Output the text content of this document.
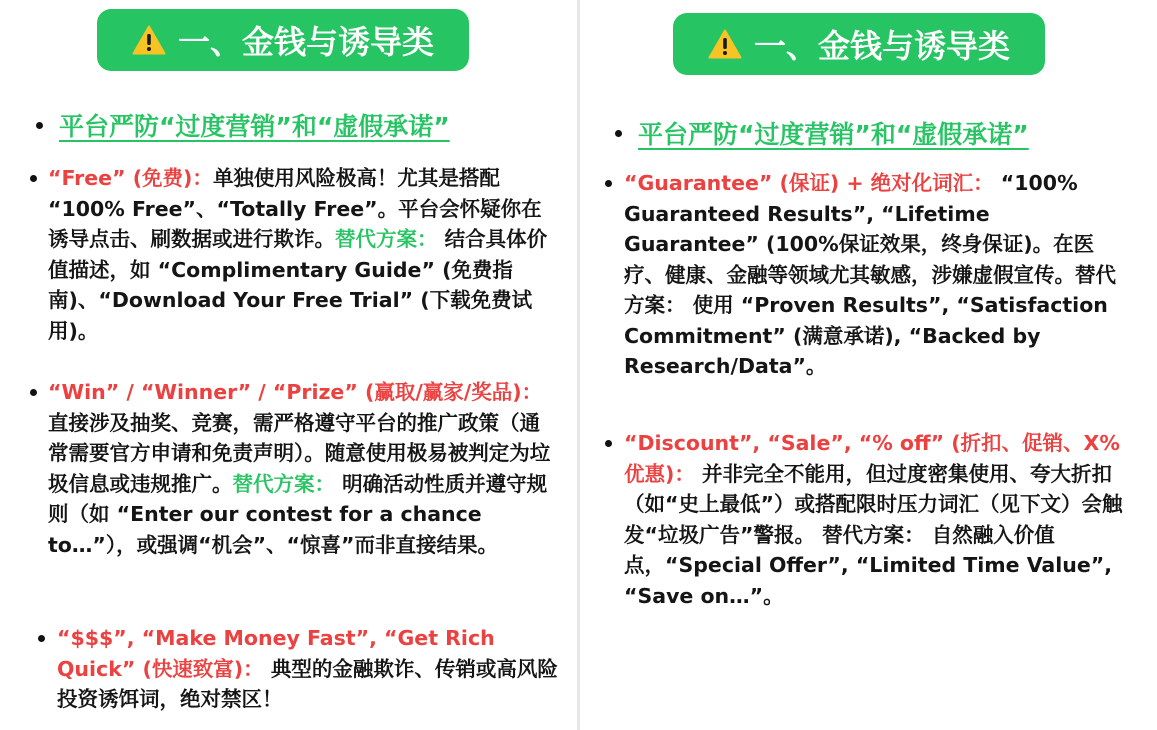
一、金钱与诱导类
平台严防“过度营销”和“虚假承诺”
“Free” (免费)：单独使用风险极高！尤其是搭配 “100% Free”、“Totally Free”。平台会怀疑你在诱导点击、刷数据或进行欺诈。替代方案： 结合具体价值描述，如 “Complimentary Guide” (免费指南)、“Download Your Free Trial” (下载免费试用)。
“Win” / “Winner” / “Prize” (赢取/赢家/奖品)： 直接涉及抽奖、竞赛，需严格遵守平台的推广政策（通常需要官方申请和免责声明）。随意使用极易被判定为垃圾信息或违规推广。替代方案： 明确活动性质并遵守规则（如 “Enter our contest for a chance to…”），或强调“机会”、“惊喜”而非直接结果。
“$$$”, “Make Money Fast”, “Get Rich Quick” (快速致富)： 典型的金融欺诈、传销或高风险投资诱饵词，绝对禁区！
一、金钱与诱导类
平台严防“过度营销”和“虚假承诺”
“Guarantee” (保证) + 绝对化词汇： “100% Guaranteed Results”, “Lifetime Guarantee” (100%保证效果，终身保证)。在医疗、健康、金融等领域尤其敏感，涉嫌虚假宣传。替代方案： 使用 “Proven Results”, “Satisfaction Commitment” (满意承诺), “Backed by Research/Data”。
“Discount”, “Sale”, “% off” (折扣、促销、X% 优惠)： 并非完全不能用，但过度密集使用、夸大折扣（如“史上最低”）或搭配限时压力词汇（见下文）会触发“垃圾广告”警报。 替代方案： 自然融入价值点，“Special Offer”, “Limited Time Value”, “Save on…”。
